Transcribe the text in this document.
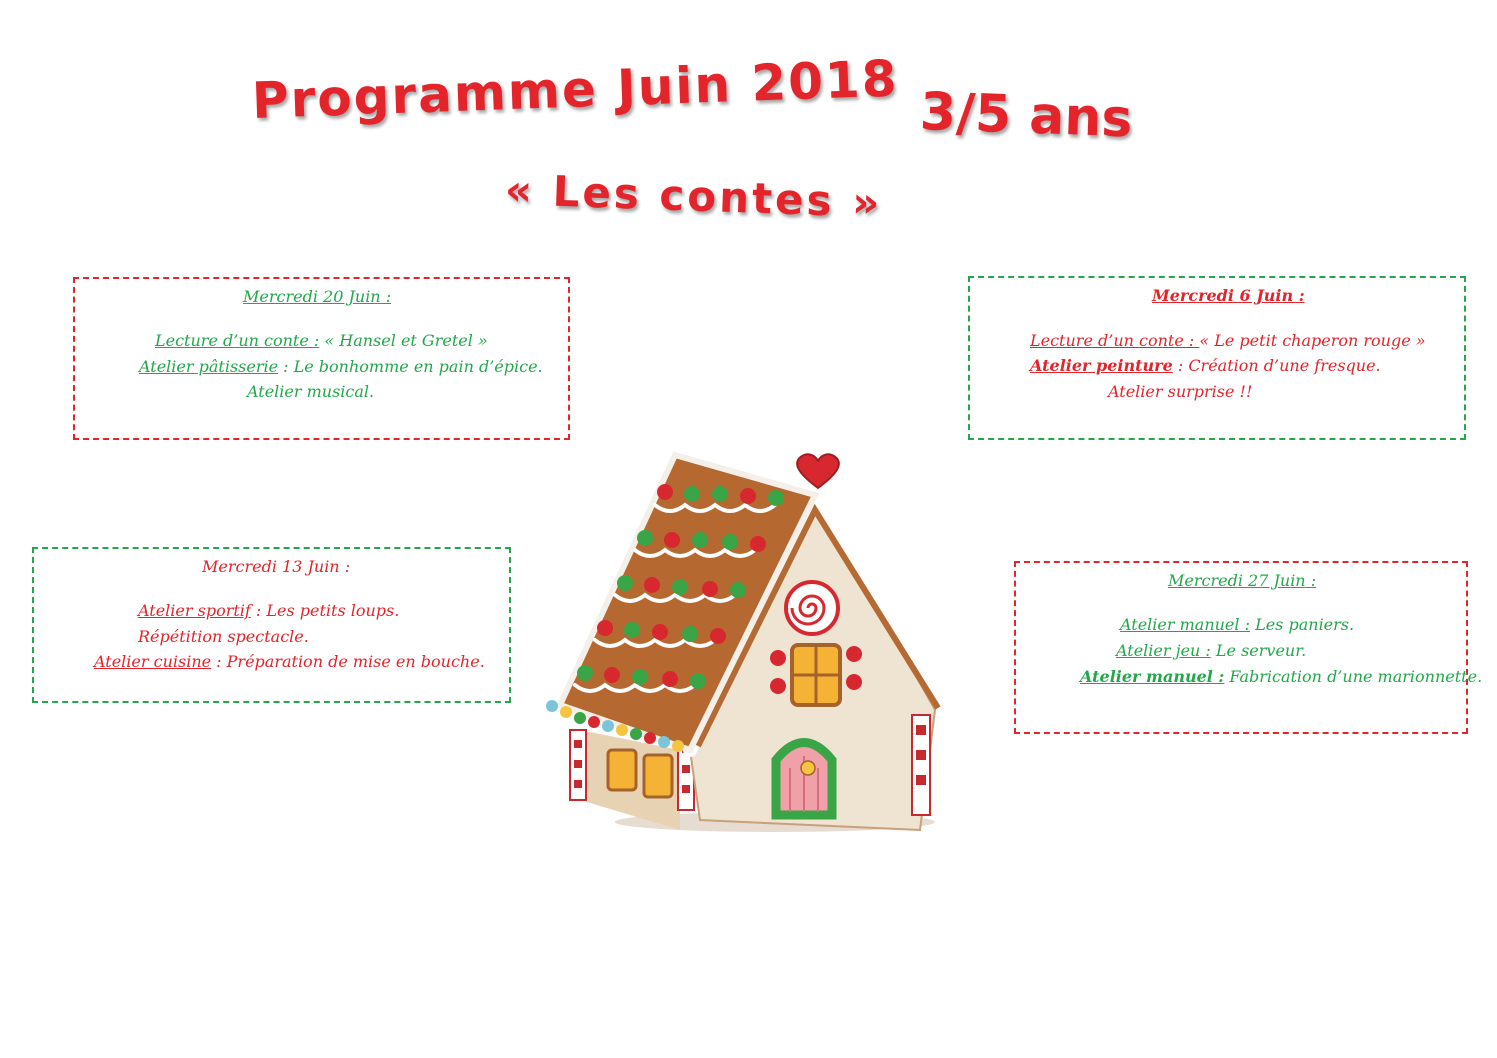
Programme Juin 2018 3/5 ans
« Les contes »
Mercredi 20 Juin :
Lecture d’un conte : « Hansel et Gretel »
Atelier pâtisserie : Le bonhomme en pain d’épice.
Atelier musical.
Mercredi 6 Juin :
Lecture d’un conte : « Le petit chaperon rouge »
Atelier peinture : Création d’une fresque.
Atelier surprise !!
Mercredi 13 Juin :
Atelier sportif : Les petits loups.
Répétition spectacle.
Atelier cuisine : Préparation de mise en bouche.
Mercredi 27 Juin :
Atelier manuel : Les paniers.
Atelier jeu : Le serveur.
Atelier manuel : Fabrication d’une marionnette.
